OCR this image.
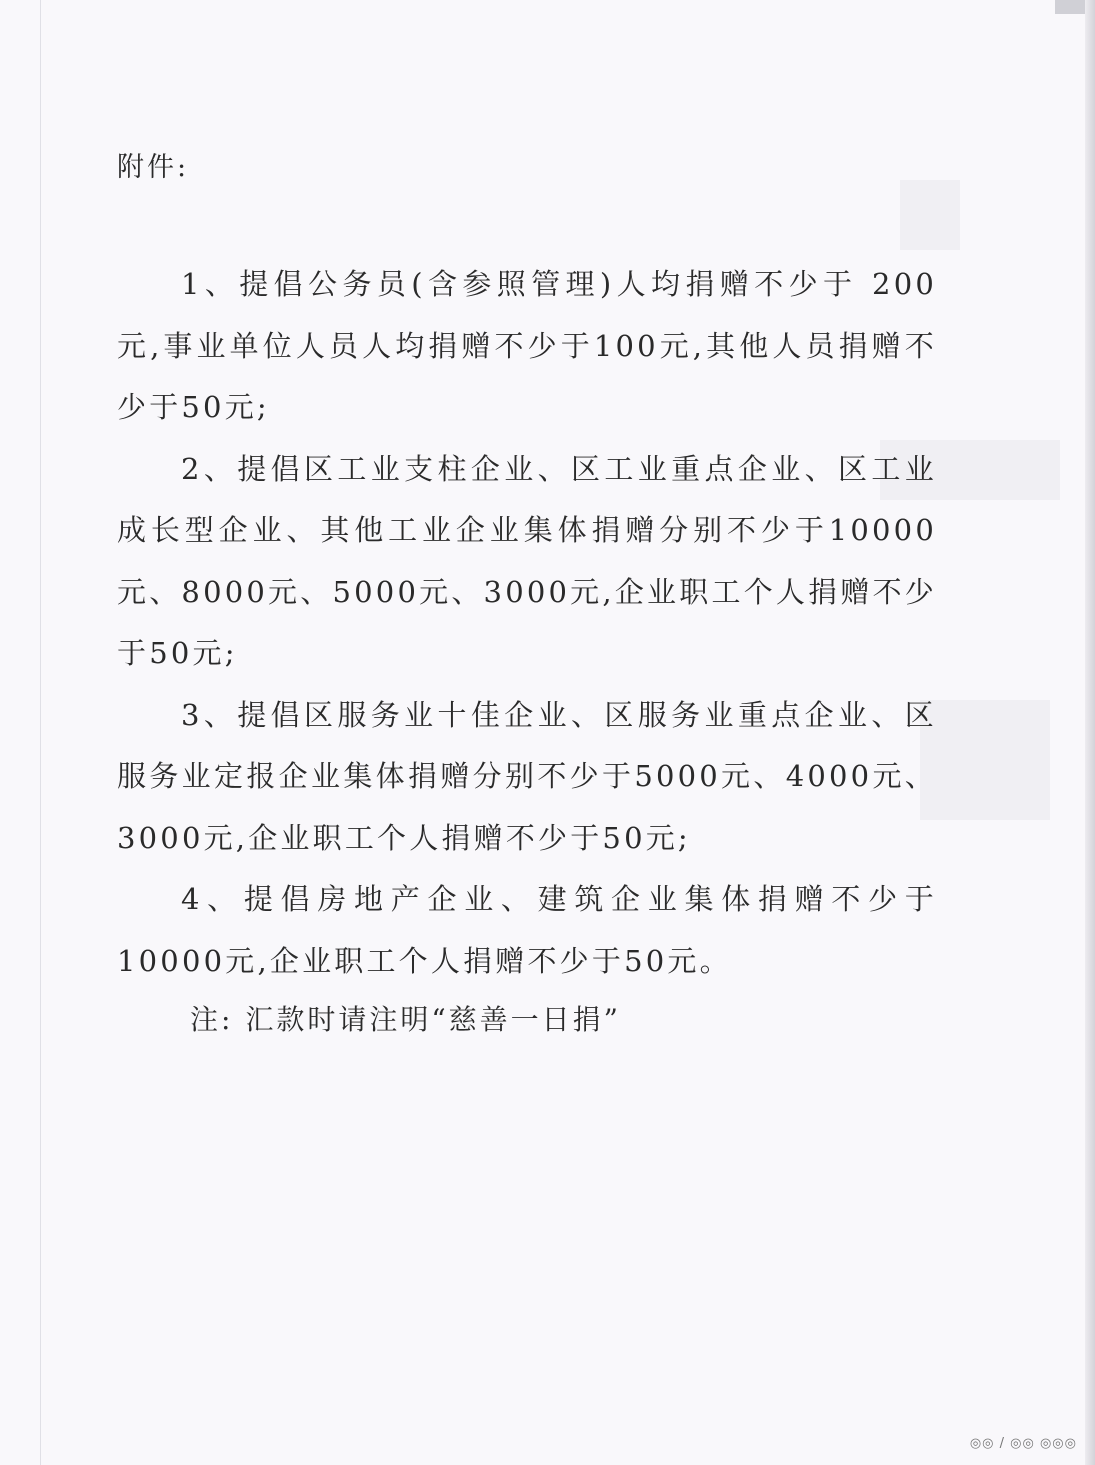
附件:

1、提倡公务员(含参照管理)人均捐赠不少于 200 元,事业单位人员人均捐赠不少于100元,其他人员捐赠不少于50元;

2、提倡区工业支柱企业、区工业重点企业、区工业成长型企业、其他工业企业集体捐赠分别不少于10000元、8000元、5000元、3000元,企业职工个人捐赠不少于50元;

3、提倡区服务业十佳企业、区服务业重点企业、区服务业定报企业集体捐赠分别不少于5000元、4000元、3000元,企业职工个人捐赠不少于50元;

4、提倡房地产企业、建筑企业集体捐赠不少于 10000元,企业职工个人捐赠不少于50元。

注: 汇款时请注明“慈善一日捐”

◎◎ / ◎◎ ◎◎◎
